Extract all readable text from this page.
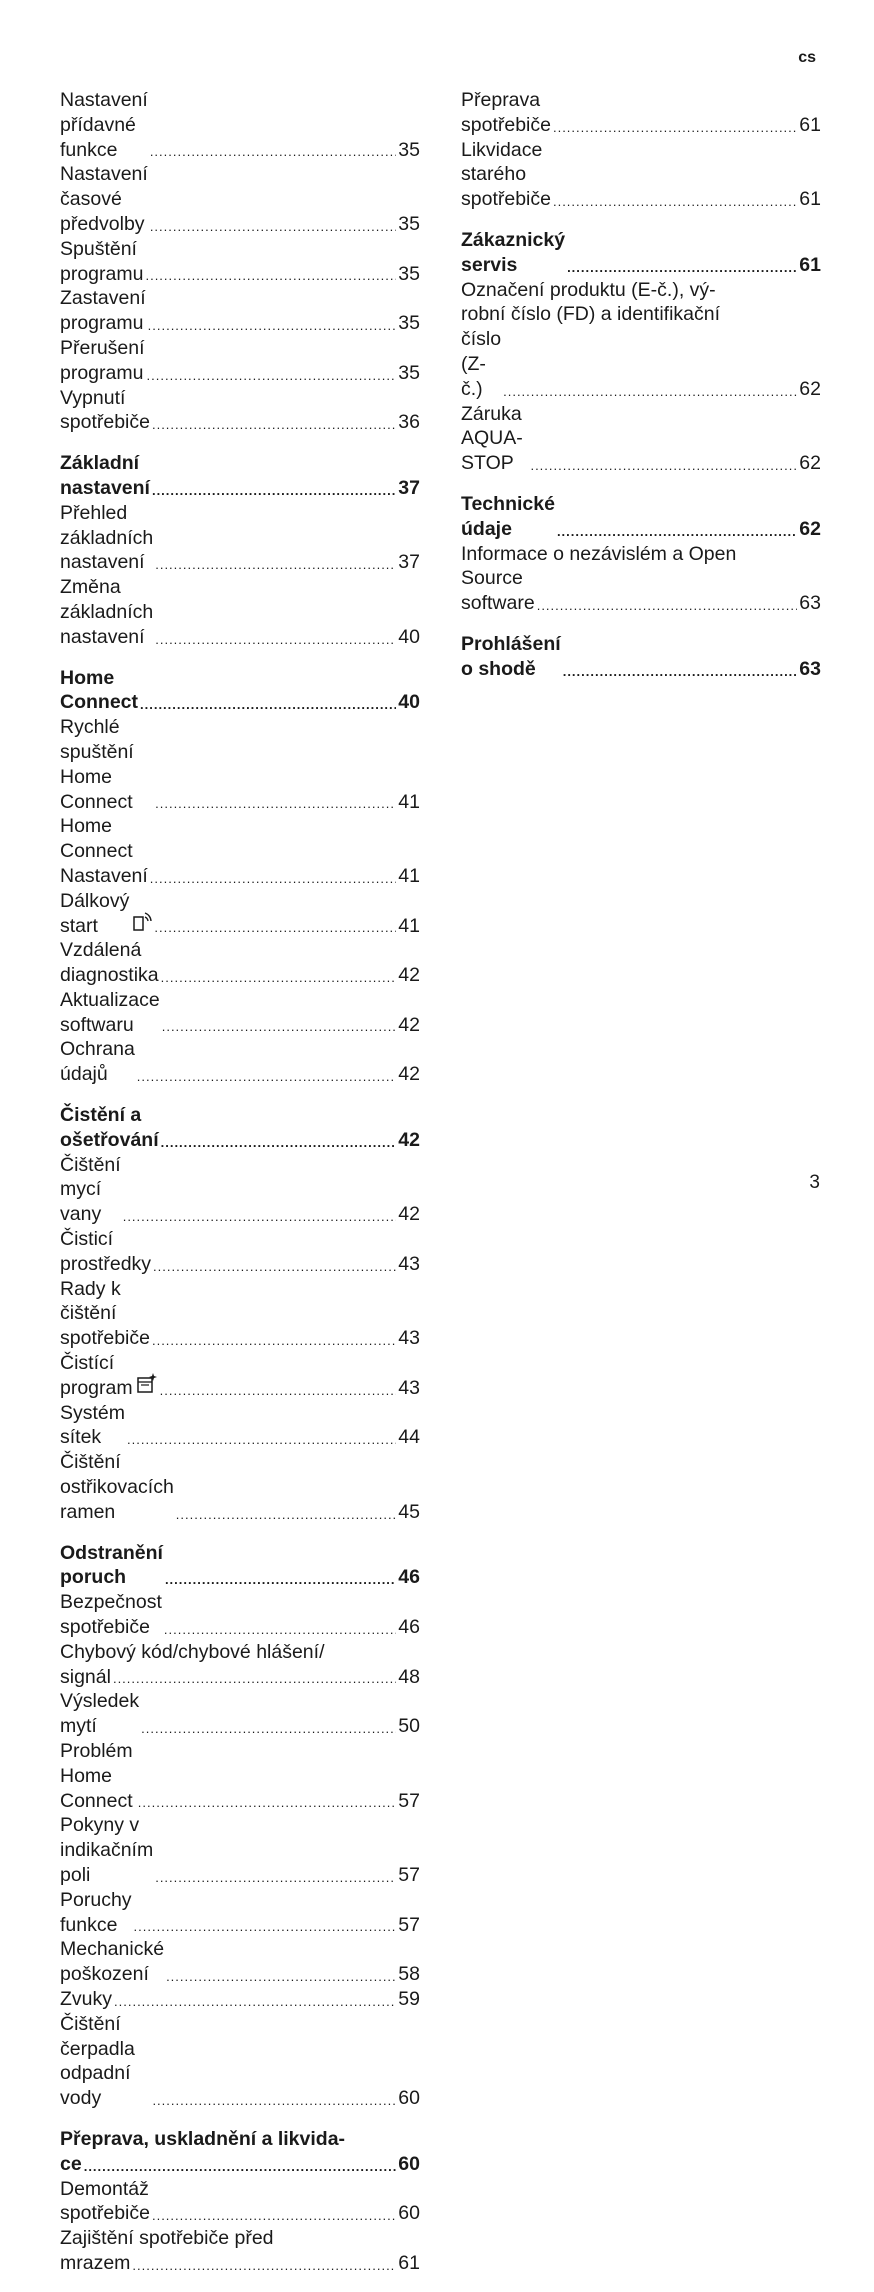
cs
Nastavení přídavné funkce .....	35
Nastavení časové předvolby .....	35
Spuštění programu .....	35
Zastavení programu .....	35
Přerušení programu .....	35
Vypnutí spotřebiče .....	36
Základní nastavení .....	37
Přehled základních nastavení .....	37
Změna základních nastavení .....	40
Home Connect .....	40
Rychlé spuštění Home Connect .....	41
Home Connect Nastavení .....	41
Dálkový start .....	41
Vzdálená diagnostika .....	42
Aktualizace softwaru .....	42
Ochrana údajů .....	42
Čistění a ošetřování .....	42
Čištění mycí vany .....	42
Čisticí prostředky .....	43
Rady k čištění spotřebiče .....	43
Čistící program .....	43
Systém sítek .....	44
Čištění ostřikovacích ramen .....	45
Odstranění poruch .....	46
Bezpečnost spotřebiče .....	46
Chybový kód/chybové hlášení/
signál .....	48
Výsledek mytí .....	50
Problém Home Connect .....	57
Pokyny v indikačním poli .....	57
Poruchy funkce .....	57
Mechanické poškození .....	58
Zvuky .....	59
Čištění čerpadla odpadní vody .....	60
Přeprava, uskladnění a likvida-
ce .....	60
Demontáž spotřebiče .....	60
Zajištění spotřebiče před
mrazem .....	61
Přeprava spotřebiče .....	61
Likvidace starého spotřebiče .....	61
Zákaznický servis .....	61
Označení produktu (E-č.), vý-
robní číslo (FD) a identifikační
číslo (Z-č.) .....	62
Záruka AQUA-STOP .....	62
Technické údaje .....	62
Informace o nezávislém a Open
Source software .....	63
Prohlášení o shodě .....	63
3
